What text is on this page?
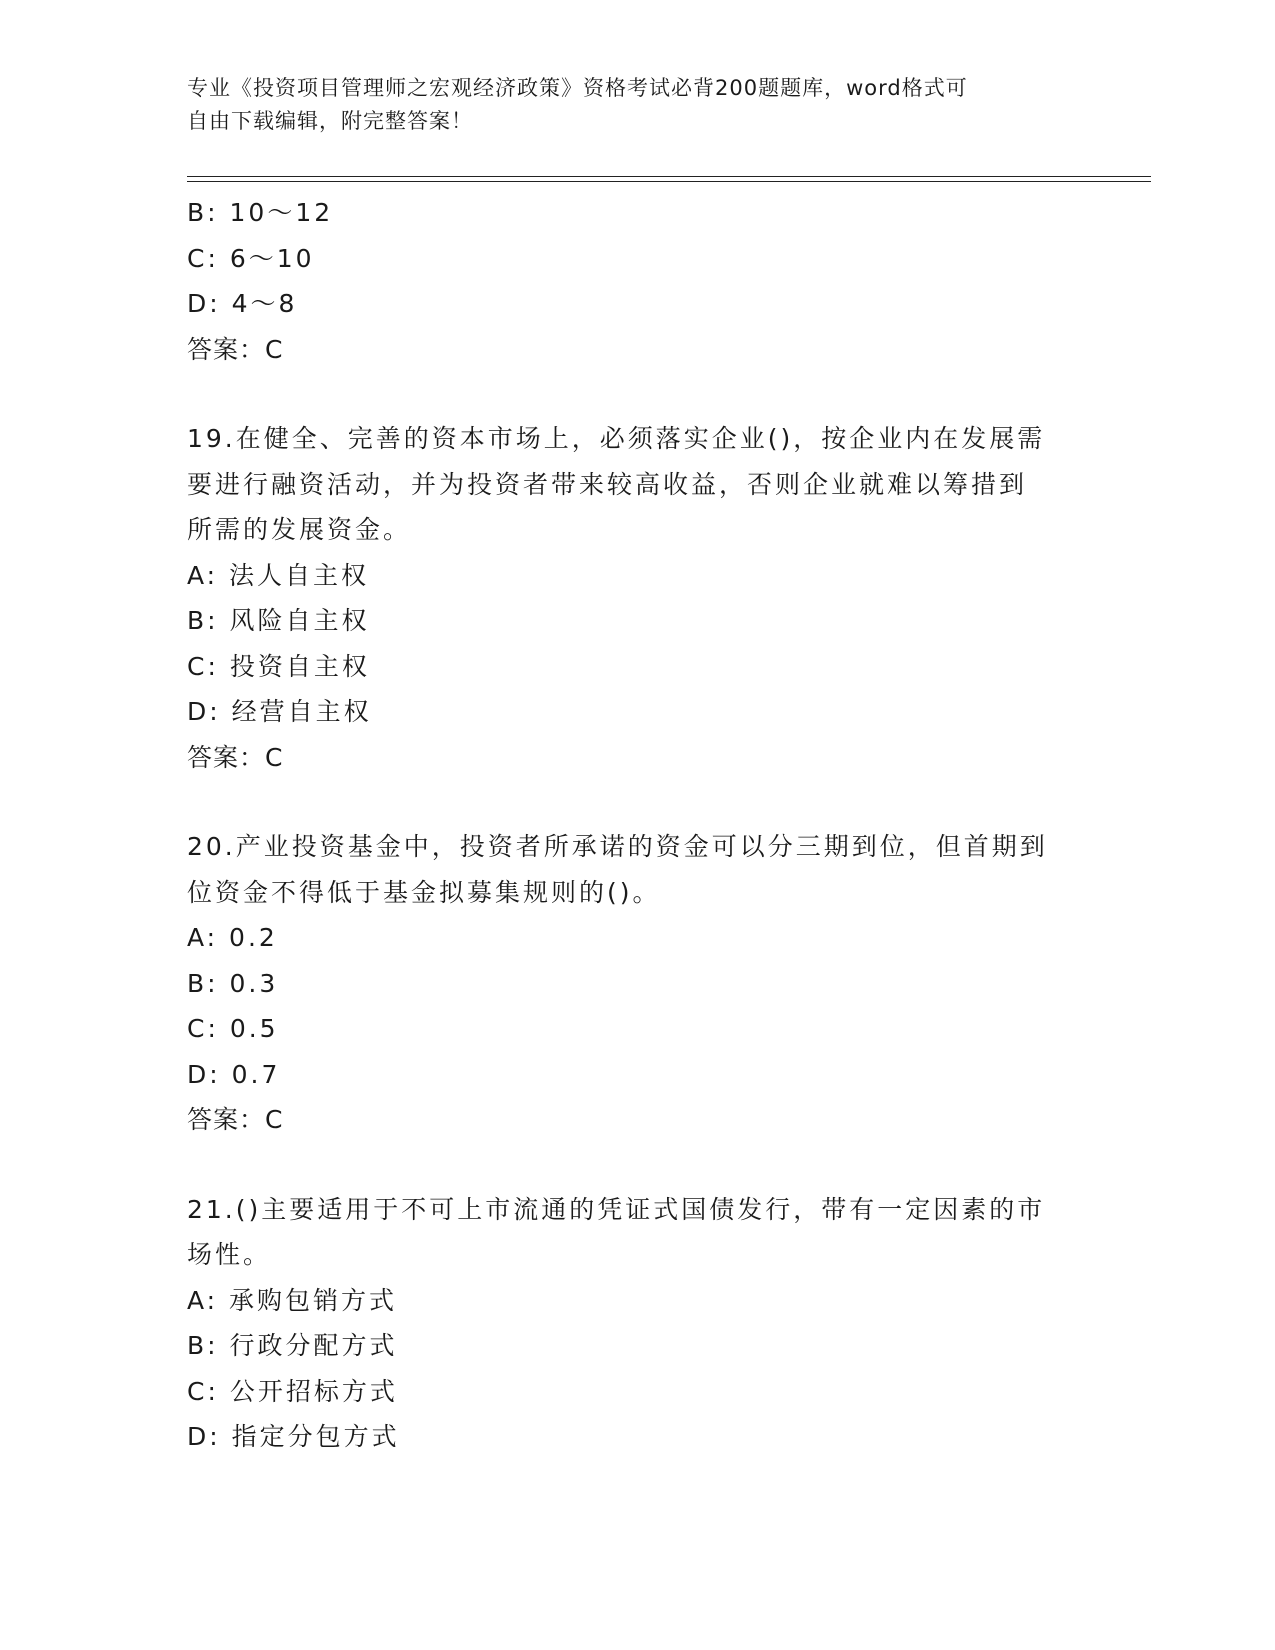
专业《投资项目管理师之宏观经济政策》资格考试必背200题题库，word格式可
自由下载编辑，附完整答案！
B: 10～12
C: 6～10
D: 4～8
答案：C
19.在健全、完善的资本市场上，必须落实企业()，按企业内在发展需
要进行融资活动，并为投资者带来较高收益，否则企业就难以筹措到
所需的发展资金。
A: 法人自主权
B: 风险自主权
C: 投资自主权
D: 经营自主权
答案：C
20.产业投资基金中，投资者所承诺的资金可以分三期到位，但首期到
位资金不得低于基金拟募集规则的()。
A: 0.2
B: 0.3
C: 0.5
D: 0.7
答案：C
21.()主要适用于不可上市流通的凭证式国债发行，带有一定因素的市
场性。
A: 承购包销方式
B: 行政分配方式
C: 公开招标方式
D: 指定分包方式
